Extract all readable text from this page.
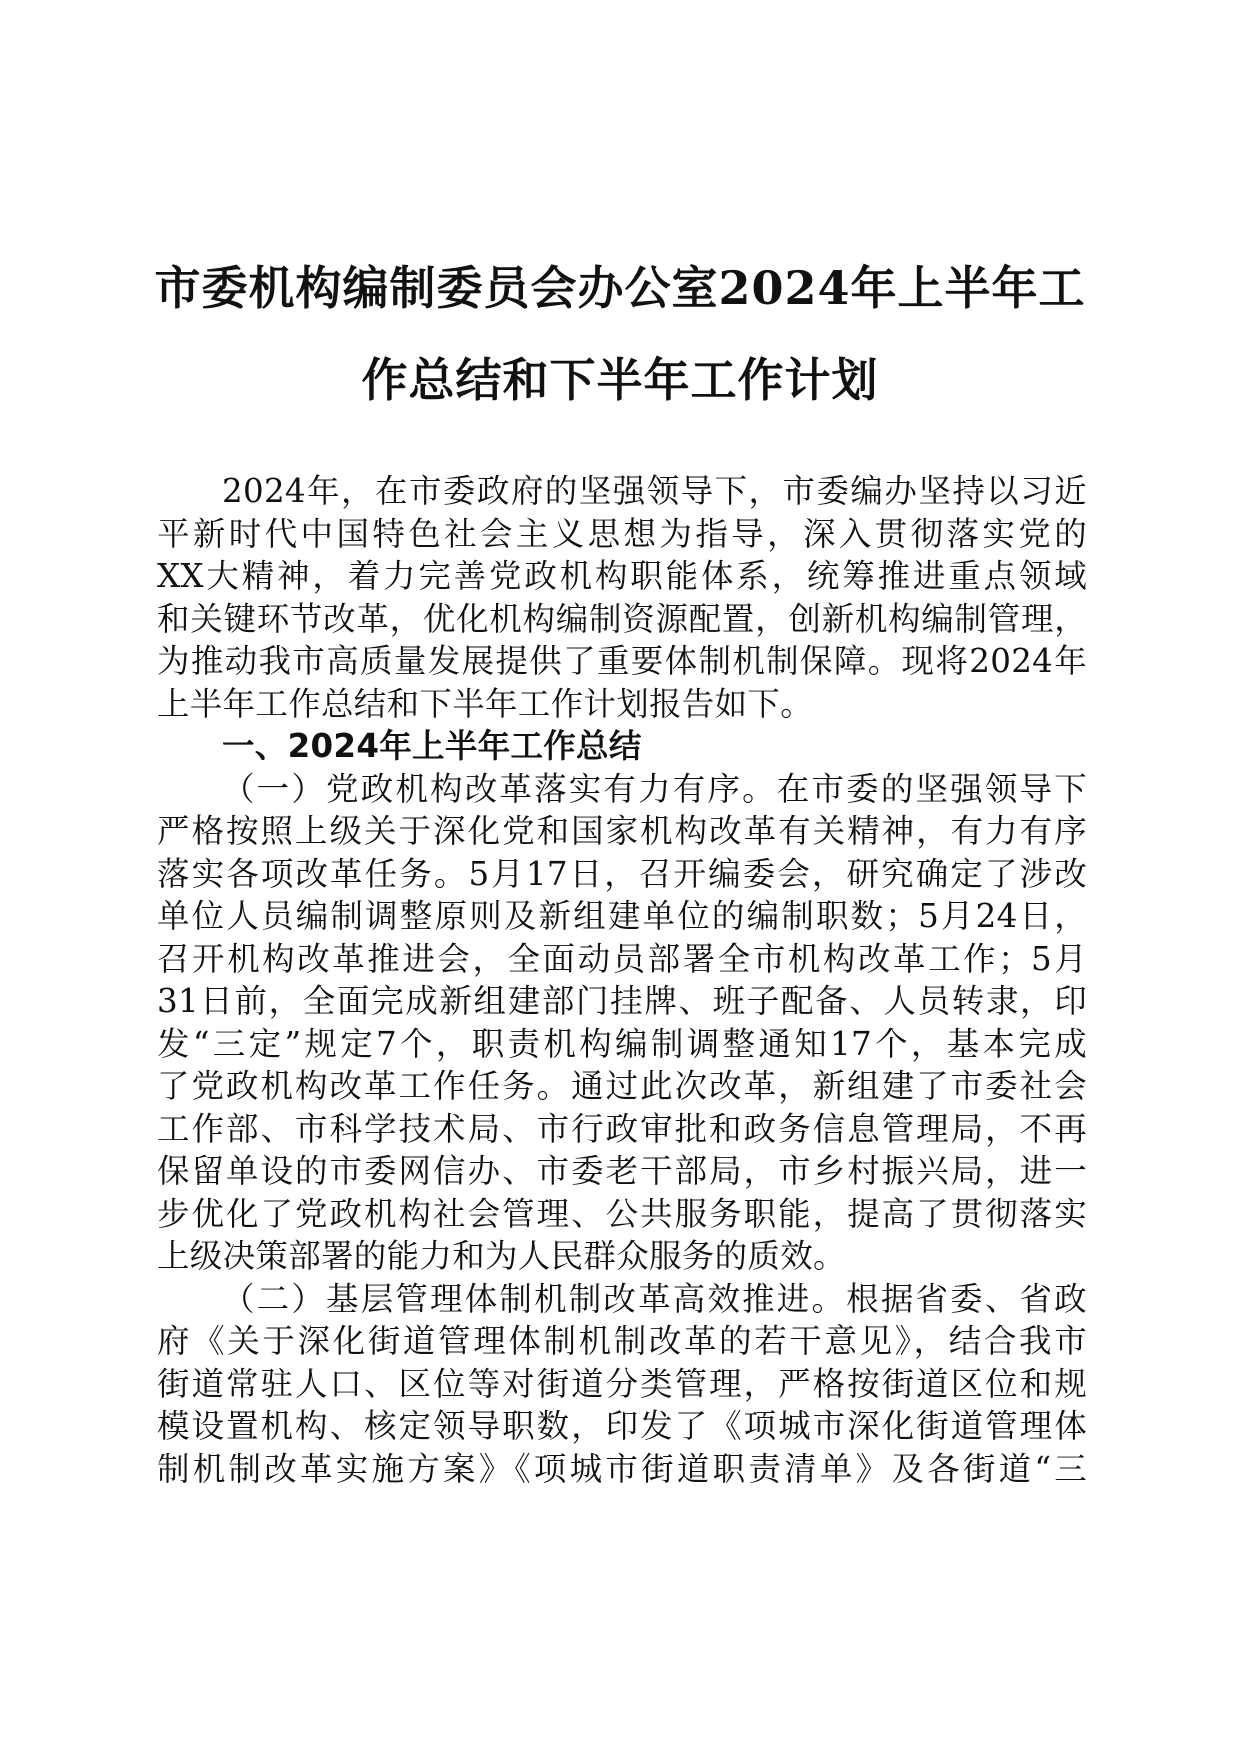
市委机构编制委员会办公室2024年上半年工
作总结和下半年工作计划
2024年，在市委政府的坚强领导下，市委编办坚持以习近
平新时代中国特色社会主义思想为指导，深入贯彻落实党的
XX大精神，着力完善党政机构职能体系，统筹推进重点领域
和关键环节改革，优化机构编制资源配置，创新机构编制管理，
为推动我市高质量发展提供了重要体制机制保障。现将2024年
上半年工作总结和下半年工作计划报告如下。
一、2024年上半年工作总结
（一）党政机构改革落实有力有序。在市委的坚强领导下
严格按照上级关于深化党和国家机构改革有关精神，有力有序
落实各项改革任务。5月17日，召开编委会，研究确定了涉改
单位人员编制调整原则及新组建单位的编制职数；5月24日，
召开机构改革推进会，全面动员部署全市机构改革工作；5月
31日前，全面完成新组建部门挂牌、班子配备、人员转隶，印
发“三定”规定7个，职责机构编制调整通知17个，基本完成
了党政机构改革工作任务。通过此次改革，新组建了市委社会
工作部、市科学技术局、市行政审批和政务信息管理局，不再
保留单设的市委网信办、市委老干部局，市乡村振兴局，进一
步优化了党政机构社会管理、公共服务职能，提高了贯彻落实
上级决策部署的能力和为人民群众服务的质效。
（二）基层管理体制机制改革高效推进。根据省委、省政
府《关于深化街道管理体制机制改革的若干意见》，结合我市
街道常驻人口、区位等对街道分类管理，严格按街道区位和规
模设置机构、核定领导职数，印发了《项城市深化街道管理体
制机制改革实施方案》《项城市街道职责清单》及各街道“三
